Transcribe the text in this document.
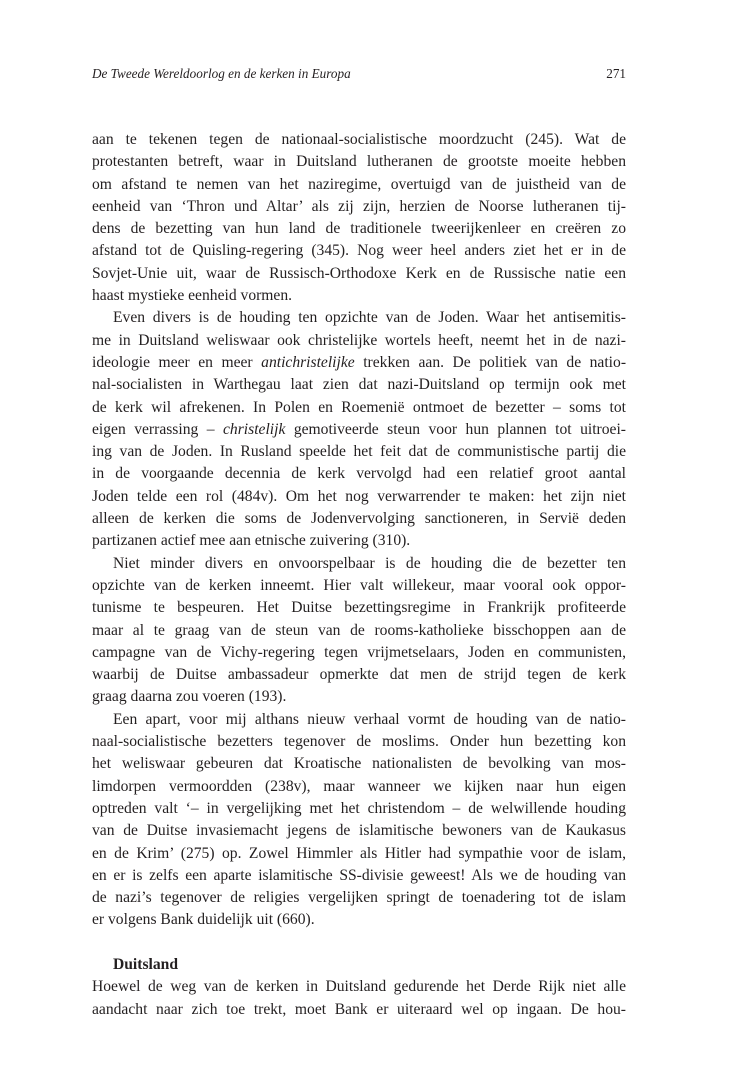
De Tweede Wereldoorlog en de kerken in Europa	271
aan te tekenen tegen de nationaal-socialistische moordzucht (245). Wat de
protestanten betreft, waar in Duitsland lutheranen de grootste moeite hebben
om afstand te nemen van het naziregime, overtuigd van de juistheid van de
eenheid van ‘Thron und Altar’ als zij zijn, herzien de Noorse lutheranen tij-
dens de bezetting van hun land de traditionele tweerijkenleer en creëren zo
afstand tot de Quisling-regering (345). Nog weer heel anders ziet het er in de
Sovjet-Unie uit, waar de Russisch-Orthodoxe Kerk en de Russische natie een
haast mystieke eenheid vormen.
Even divers is de houding ten opzichte van de Joden. Waar het antisemitis-
me in Duitsland weliswaar ook christelijke wortels heeft, neemt het in de nazi-
ideologie meer en meer antichristelijke trekken aan. De politiek van de natio-
nal-socialisten in Warthegau laat zien dat nazi-Duitsland op termijn ook met
de kerk wil afrekenen. In Polen en Roemenië ontmoet de bezetter – soms tot
eigen verrassing – christelijk gemotiveerde steun voor hun plannen tot uitroei-
ing van de Joden. In Rusland speelde het feit dat de communistische partij die
in de voorgaande decennia de kerk vervolgd had een relatief groot aantal
Joden telde een rol (484v). Om het nog verwarrender te maken: het zijn niet
alleen de kerken die soms de Jodenvervolging sanctioneren, in Servië deden
partizanen actief mee aan etnische zuivering (310).
Niet minder divers en onvoorspelbaar is de houding die de bezetter ten
opzichte van de kerken inneemt. Hier valt willekeur, maar vooral ook oppor-
tunisme te bespeuren. Het Duitse bezettingsregime in Frankrijk profiteerde
maar al te graag van de steun van de rooms-katholieke bisschoppen aan de
campagne van de Vichy-regering tegen vrijmetselaars, Joden en communisten,
waarbij de Duitse ambassadeur opmerkte dat men de strijd tegen de kerk
graag daarna zou voeren (193).
Een apart, voor mij althans nieuw verhaal vormt de houding van de natio-
naal-socialistische bezetters tegenover de moslims. Onder hun bezetting kon
het weliswaar gebeuren dat Kroatische nationalisten de bevolking van mos-
limdorpen vermoordden (238v), maar wanneer we kijken naar hun eigen
optreden valt ‘– in vergelijking met het christendom – de welwillende houding
van de Duitse invasiemacht jegens de islamitische bewoners van de Kaukasus
en de Krim’ (275) op. Zowel Himmler als Hitler had sympathie voor de islam,
en er is zelfs een aparte islamitische SS-divisie geweest! Als we de houding van
de nazi’s tegenover de religies vergelijken springt de toenadering tot de islam
er volgens Bank duidelijk uit (660).
Duitsland
Hoewel de weg van de kerken in Duitsland gedurende het Derde Rijk niet alle
aandacht naar zich toe trekt, moet Bank er uiteraard wel op ingaan. De hou-
